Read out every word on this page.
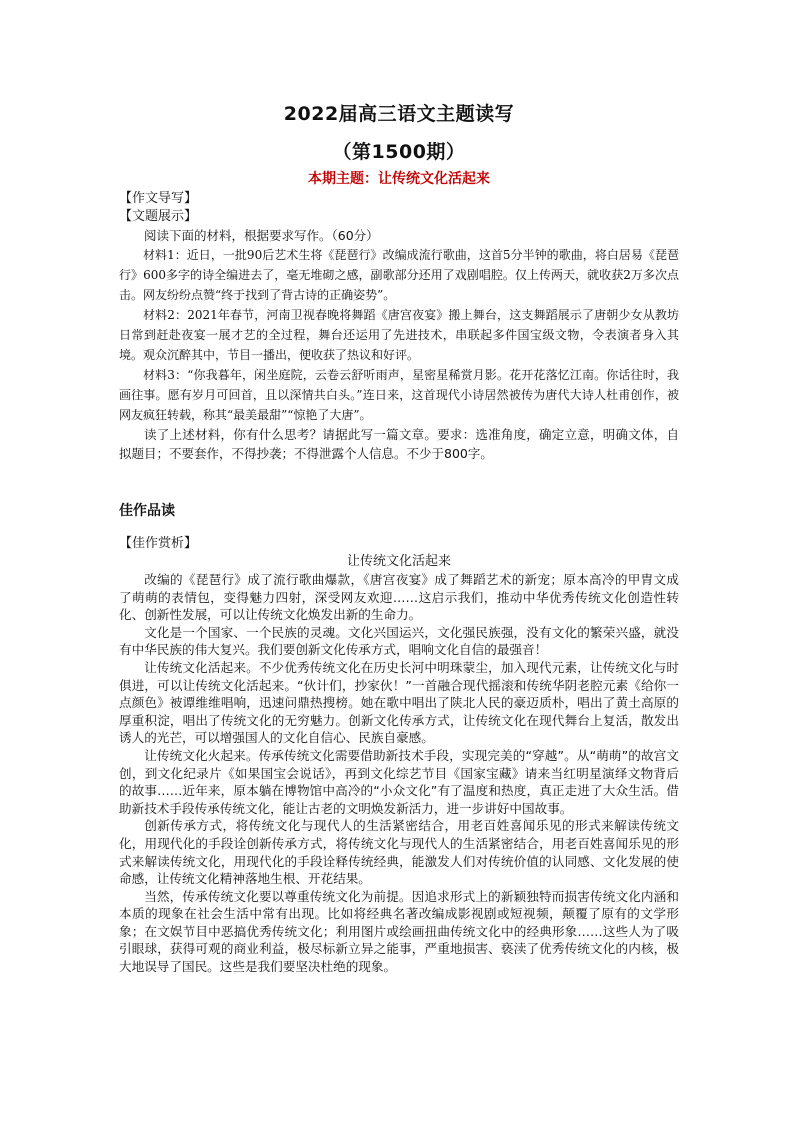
2022届高三语文主题读写
（第1500期）

本期主题：让传统文化活起来

【作文导写】

【文题展示】

阅读下面的材料，根据要求写作。（60分）

材料1：近日，一批90后艺术生将《琵琶行》改编成流行歌曲，这首5分半钟的歌曲，将白居易《琵琶行》600多字的诗全编进去了，毫无堆砌之感，副歌部分还用了戏剧唱腔。仅上传两天，就收获2万多次点击。网友纷纷点赞“终于找到了背古诗的正确姿势”。

材料2：2021年春节，河南卫视春晚将舞蹈《唐宫夜宴》搬上舞台，这支舞蹈展示了唐朝少女从教坊日常到赶赴夜宴一展才艺的全过程，舞台还运用了先进技术，串联起多件国宝级文物，令表演者身入其境。观众沉醉其中，节目一播出，便收获了热议和好评。

材料3：“你我暮年，闲坐庭院，云卷云舒听雨声，星密星稀赏月影。花开花落忆江南。你话往时，我画往事。愿有岁月可回首，且以深情共白头。”连日来，这首现代小诗居然被传为唐代大诗人杜甫创作，被网友疯狂转载，称其“最美最甜”“惊艳了大唐”。

读了上述材料，你有什么思考？请据此写一篇文章。要求：选准角度，确定立意，明确文体，自拟题目；不要套作，不得抄袭；不得泄露个人信息。不少于800字。

佳作品读

【佳作赏析】

让传统文化活起来

改编的《琵琶行》成了流行歌曲爆款，《唐宫夜宴》成了舞蹈艺术的新宠；原本高冷的甲胄文成了萌萌的表情包，变得魅力四射，深受网友欢迎……这启示我们，推动中华优秀传统文化创造性转化、创新性发展，可以让传统文化焕发出新的生命力。

文化是一个国家、一个民族的灵魂。文化兴国运兴，文化强民族强，没有文化的繁荣兴盛，就没有中华民族的伟大复兴。我们要创新文化传承方式，唱响文化自信的最强音！

让传统文化活起来。不少优秀传统文化在历史长河中明珠蒙尘，加入现代元素，让传统文化与时俱进，可以让传统文化活起来。“伙计们，抄家伙！”一首融合现代摇滚和传统华阴老腔元素《给你一点颜色》被谭维维唱响，迅速问鼎热搜榜。她在歌中唱出了陕北人民的豪迈质朴，唱出了黄土高原的厚重积淀，唱出了传统文化的无穷魅力。创新文化传承方式，让传统文化在现代舞台上复活，散发出诱人的光芒，可以增强国人的文化自信心、民族自豪感。

让传统文化火起来。传承传统文化需要借助新技术手段，实现完美的“穿越”。从“萌萌”的故宫文创，到文化纪录片《如果国宝会说话》，再到文化综艺节目《国家宝藏》请来当红明星演绎文物背后的故事……近年来，原本躺在博物馆中高冷的“小众文化”有了温度和热度，真正走进了大众生活。借助新技术手段传承传统文化，能让古老的文明焕发新活力，进一步讲好中国故事。

创新传承方式，将传统文化与现代人的生活紧密结合，用老百姓喜闻乐见的形式来解读传统文化，用现代化的手段诠创新传承方式，将传统文化与现代人的生活紧密结合，用老百姓喜闻乐见的形式来解读传统文化，用现代化的手段诠释传统经典，能激发人们对传统价值的认同感、文化发展的使命感，让传统文化精神落地生根、开花结果。

当然，传承传统文化要以尊重传统文化为前提。因追求形式上的新颖独特而损害传统文化内涵和本质的现象在社会生活中常有出现。比如将经典名著改编成影视剧或短视频，颠覆了原有的文学形象；在文娱节目中恶搞优秀传统文化；利用图片或绘画扭曲传统文化中的经典形象……这些人为了吸引眼球，获得可观的商业利益，极尽标新立异之能事，严重地损害、亵渎了优秀传统文化的内核，极大地误导了国民。这些是我们要坚决杜绝的现象。
